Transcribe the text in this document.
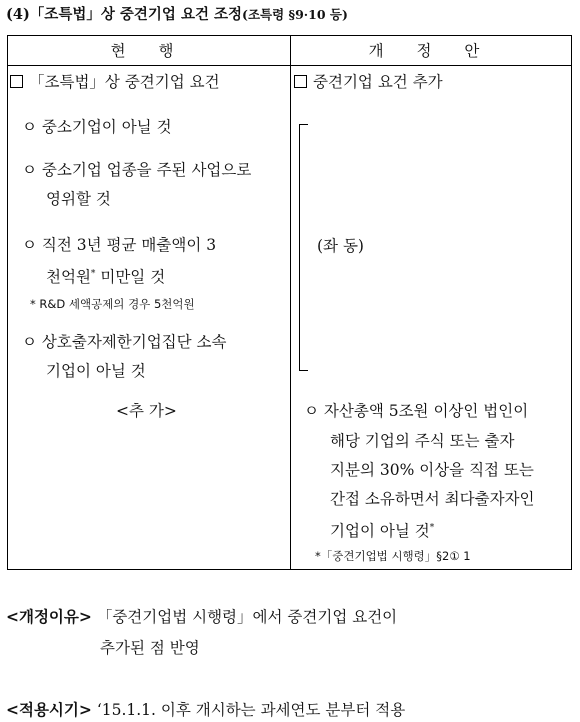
(4)「조특법」상 중견기업 요건 조정(조특령 §9·10 등)
현 행	개 정 안
「조특법」상 중견기업 요건
ㅇ 중소기업이 아닐 것
ㅇ 중소기업 업종을 주된 사업으로
영위할 것
ㅇ 직전 3년 평균 매출액이 3
천억원* 미만일 것
* R&D 세액공제의 경우 5천억원
ㅇ 상호출자제한기업집단 소속
기업이 아닐 것
<추 가>
중견기업 요건 추가
(좌 동)
ㅇ 자산총액 5조원 이상인 법인이
해당 기업의 주식 또는 출자
지분의 30% 이상을 직접 또는
간접 소유하면서 최다출자자인
기업이 아닐 것*
*「중견기업법 시행령」§2① 1
<개정이유> 「중견기업법 시행령」에서 중견기업 요건이
추가된 점 반영
<적용시기> ‘15.1.1. 이후 개시하는 과세연도 분부터 적용
